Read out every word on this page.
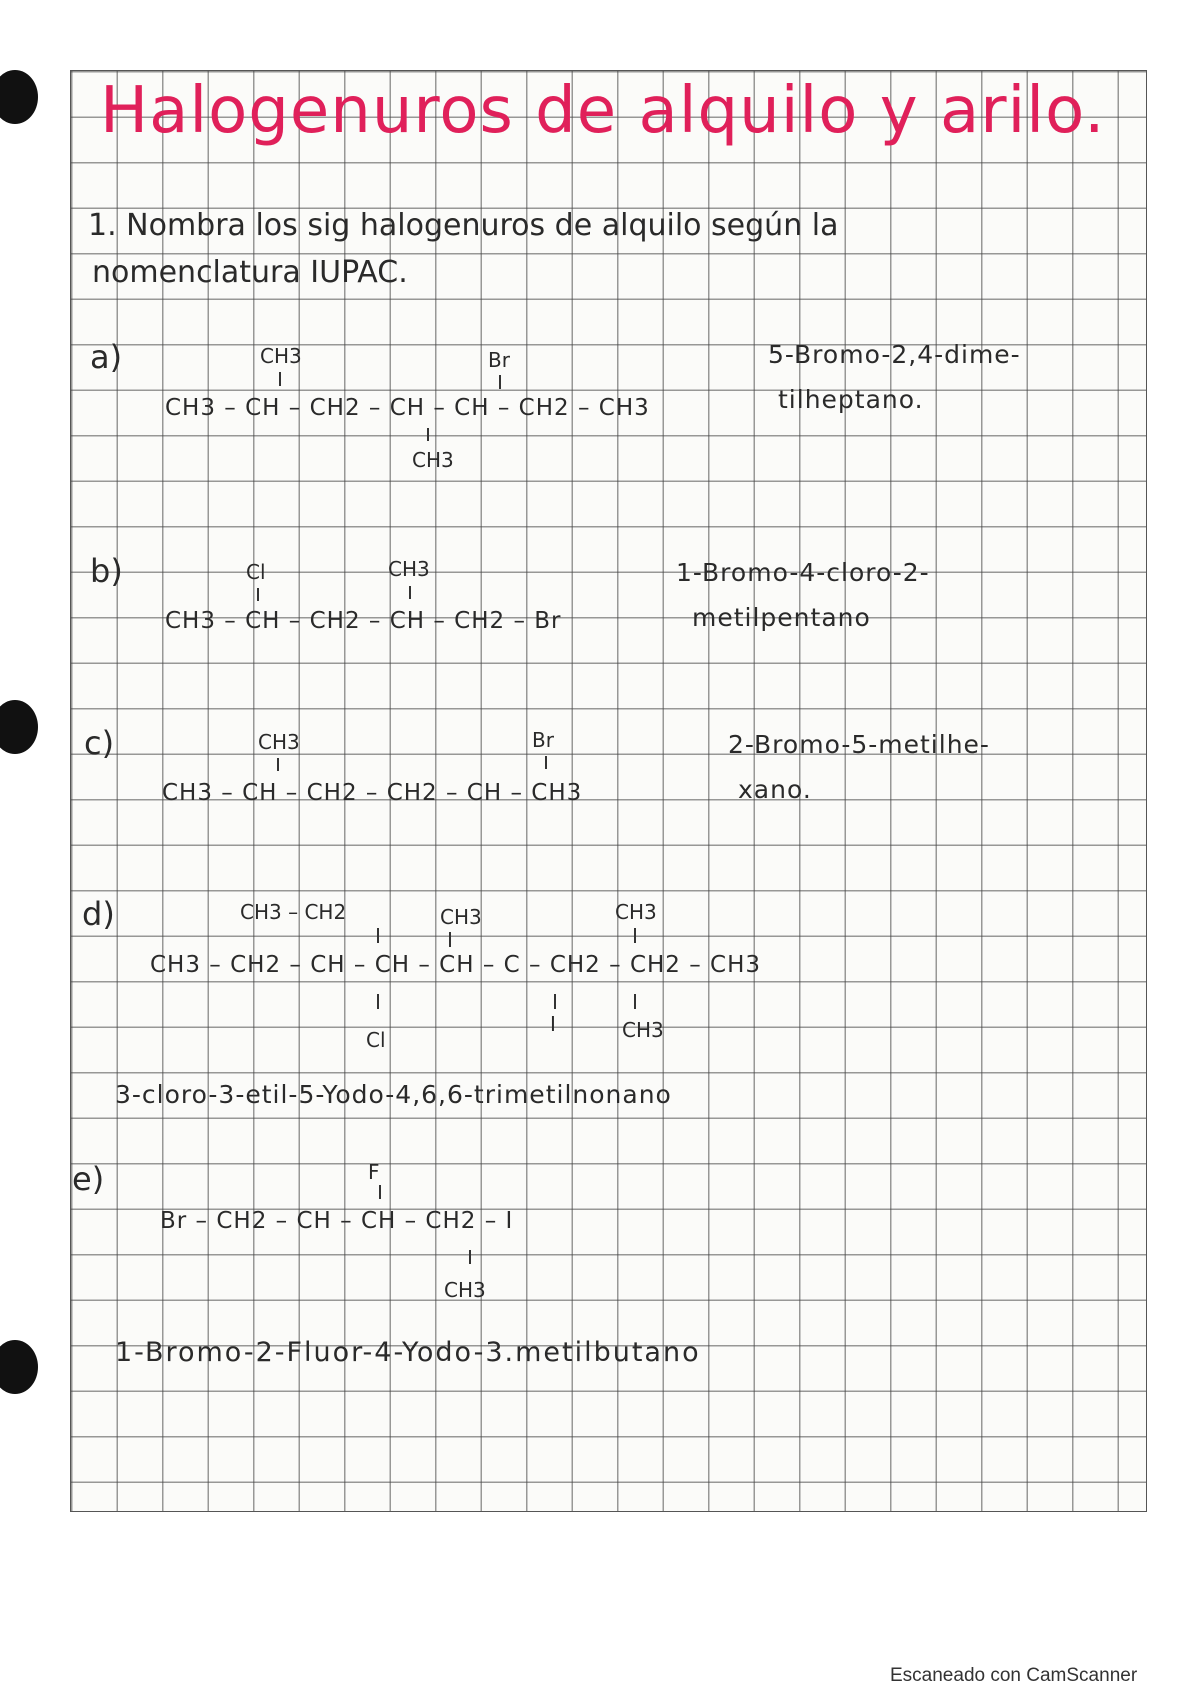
Halogenuros de alquilo y arilo.
1. Nombra los sig halogenuros de alquilo según la
nomenclatura IUPAC.
a)	CH3	Br
CH3 – CH – CH2 – CH – CH – CH2 – CH3
CH3
5-Bromo-2,4-dime-
tilheptano.
b)	Cl	CH3
CH3 – CH – CH2 – CH – CH2 – Br
1-Bromo-4-cloro-2-
metilpentano
c)	CH3	Br
CH3 – CH – CH2 – CH2 – CH – CH3
2-Bromo-5-metilhe-
xano.
d)	CH3 – CH2	CH3	CH3
CH3 – CH2 – CH – CH – CH – C – CH2 – CH2 – CH3
Cl
I	CH3
3-cloro-3-etil-5-Yodo-4,6,6-trimetilnonano
e)	F
Br – CH2 – CH – CH – CH2 – I
CH3
1-Bromo-2-Fluor-4-Yodo-3.metilbutano
Escaneado con CamScanner
